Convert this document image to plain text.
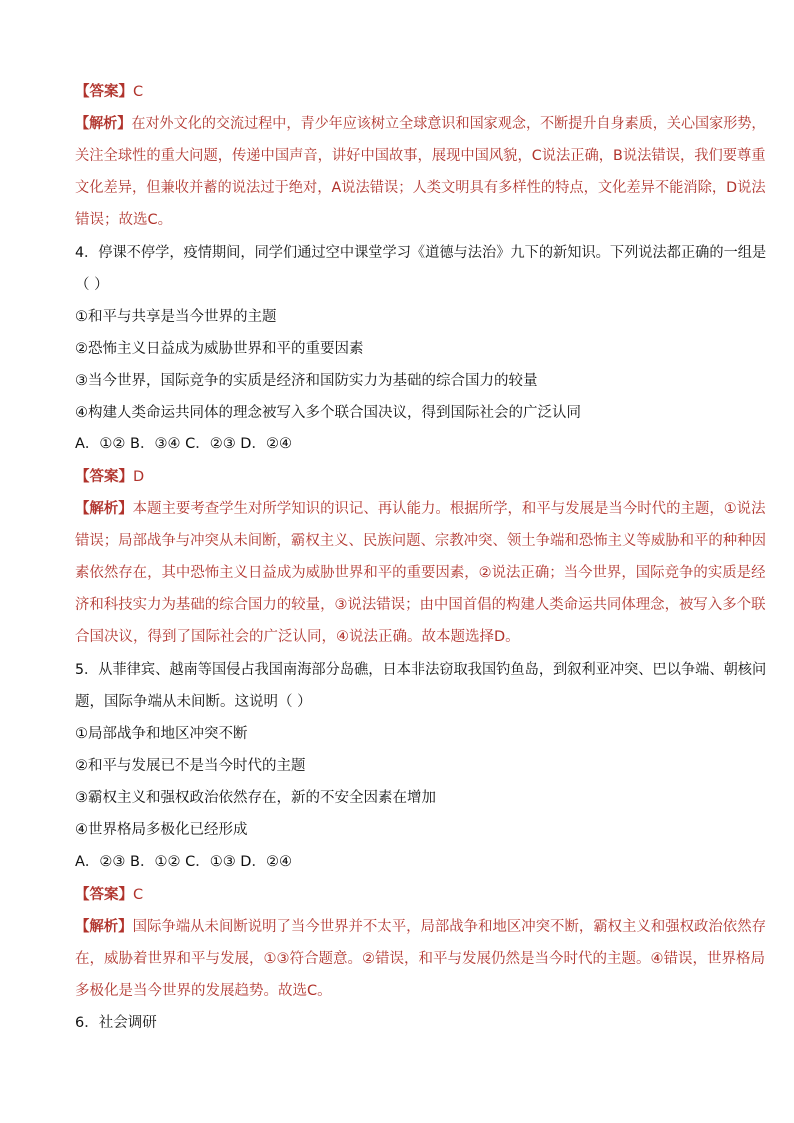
【答案】C
【解析】在对外文化的交流过程中，青少年应该树立全球意识和国家观念，不断提升自身素质，关心国家形势，
关注全球性的重大问题，传递中国声音，讲好中国故事，展现中国风貌，C说法正确，B说法错误，我们要尊重
文化差异，但兼收并蓄的说法过于绝对，A说法错误；人类文明具有多样性的特点，文化差异不能消除，D说法
错误；故选C。
4．停课不停学，疫情期间，同学们通过空中课堂学习《道德与法治》九下的新知识。下列说法都正确的一组是
（ ）
①和平与共享是当今世界的主题
②恐怖主义日益成为威胁世界和平的重要因素
③当今世界，国际竞争的实质是经济和国防实力为基础的综合国力的较量
④构建人类命运共同体的理念被写入多个联合国决议，得到国际社会的广泛认同
A．①② B．③④ C．②③ D．②④
【答案】D
【解析】本题主要考查学生对所学知识的识记、再认能力。根据所学，和平与发展是当今时代的主题，①说法
错误；局部战争与冲突从未间断，霸权主义、民族问题、宗教冲突、领土争端和恐怖主义等威胁和平的种种因
素依然存在，其中恐怖主义日益成为威胁世界和平的重要因素，②说法正确；当今世界，国际竞争的实质是经
济和科技实力为基础的综合国力的较量，③说法错误；由中国首倡的构建人类命运共同体理念，被写入多个联
合国决议，得到了国际社会的广泛认同，④说法正确。故本题选择D。
5．从菲律宾、越南等国侵占我国南海部分岛礁，日本非法窃取我国钓鱼岛，到叙利亚冲突、巴以争端、朝核问
题，国际争端从未间断。这说明（ ）
①局部战争和地区冲突不断
②和平与发展已不是当今时代的主题
③霸权主义和强权政治依然存在，新的不安全因素在增加
④世界格局多极化已经形成
A．②③ B．①② C．①③ D．②④
【答案】C
【解析】国际争端从未间断说明了当今世界并不太平，局部战争和地区冲突不断，霸权主义和强权政治依然存
在，威胁着世界和平与发展，①③符合题意。②错误，和平与发展仍然是当今时代的主题。④错误，世界格局
多极化是当今世界的发展趋势。故选C。
6．社会调研
